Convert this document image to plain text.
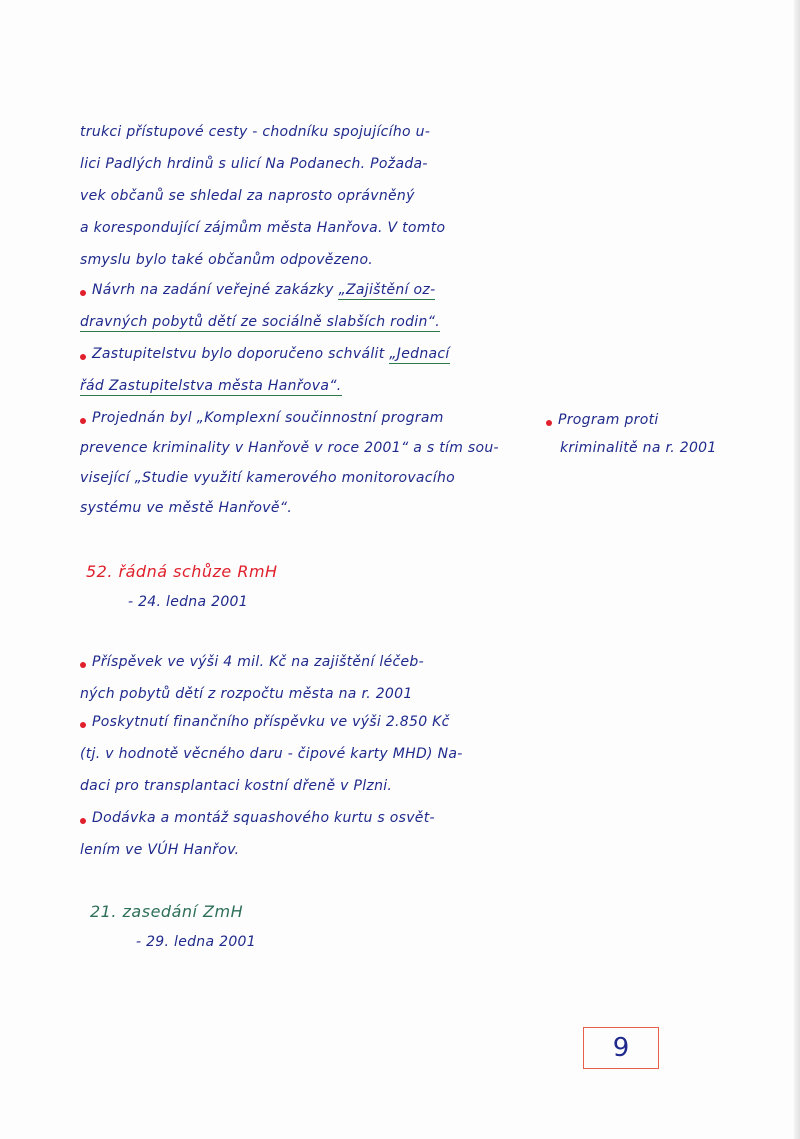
trukci přístupové cesty - chodníku spojujícího u-
lici Padlých hrdinů s ulicí Na Podanech. Požada-
vek občanů se shledal za naprosto oprávněný
a korespondující zájmům města Hanřova. V tomto
smyslu bylo také občanům odpovězeno.
Návrh na zadání veřejné zakázky „Zajištění oz-
dravných pobytů dětí ze sociálně slabších rodin“.
Zastupitelstvu bylo doporučeno schválit „Jednací
řád Zastupitelstva města Hanřova“.
Projednán byl „Komplexní součinnostní program
prevence kriminality v Hanřově v roce 2001“ a s tím sou-
visející „Studie využití kamerového monitorovacího
systému ve městě Hanřově“.
Program proti
kriminalitě na r. 2001
52. řádná schůze RmH
- 24. ledna 2001
Příspěvek ve výši 4 mil. Kč na zajištění léčeb-
ných pobytů dětí z rozpočtu města na r. 2001
Poskytnutí finančního příspěvku ve výši 2.850 Kč
(tj. v hodnotě věcného daru - čipové karty MHD) Na-
daci pro transplantaci kostní dřeně v Plzni.
Dodávka a montáž squashového kurtu s osvět-
lením ve VÚH Hanřov.
21. zasedání ZmH
- 29. ledna 2001
9
